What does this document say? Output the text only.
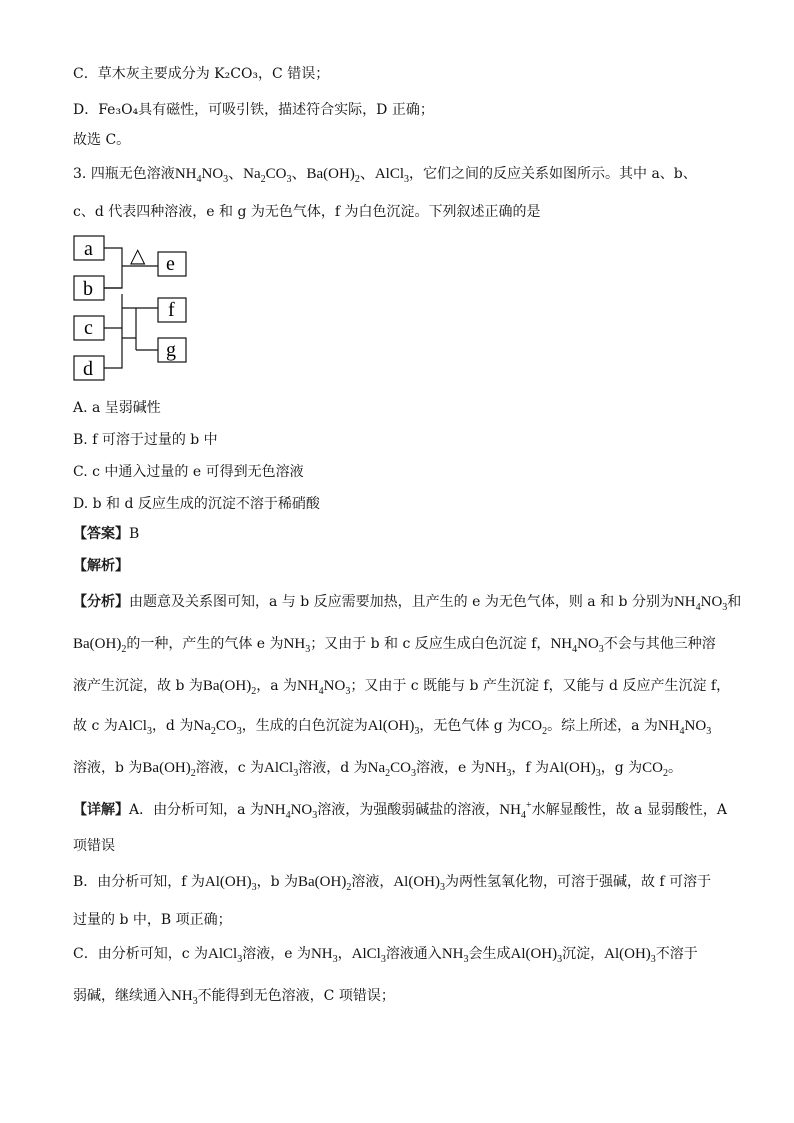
C．草木灰主要成分为 K₂CO₃，C 错误；
D．Fe₃O₄具有磁性，可吸引铁，描述符合实际，D 正确；
故选 C。
3. 四瓶无色溶液$NH_4NO_3$、$Na_2CO_3$、$Ba(OH)_2$、AlCl$_3$，它们之间的反应关系如图所示。其中 a、b、
c、d 代表四种溶液，e 和 g 为无色气体，f 为白色沉淀。下列叙述正确的是
a
b
c
d
e
f
g
△
A. a 呈弱碱性
B. f 可溶于过量的 b 中
C. c 中通入过量的 e 可得到无色溶液
D. b 和 d 反应生成的沉淀不溶于稀硝酸
【答案】B
【解析】
【分析】由题意及关系图可知，a 与 b 反应需要加热，且产生的 e 为无色气体，则 a 和 b 分别为$NH_4NO_3$和
$Ba(OH)_2$的一种，产生的气体 e 为$NH_3$；又由于 b 和 c 反应生成白色沉淀 f，$NH_4NO_3$不会与其他三种溶
液产生沉淀，故 b 为$Ba(OH)_2$，a 为$NH_4NO_3$；又由于 c 既能与 b 产生沉淀 f，又能与 d 反应产生沉淀 f，
故 c 为AlCl$_3$，d 为$Na_2CO_3$，生成的白色沉淀为$Al(OH)_3$，无色气体 g 为$CO_2$。综上所述，a 为$NH_4NO_3$
溶液，b 为$Ba(OH)_2$溶液，c 为AlCl$_3$溶液，d 为$Na_2CO_3$溶液，e 为$NH_3$，f 为$Al(OH)_3$，g 为$CO_2$。
【详解】A．由分析可知，a 为$NH_4NO_3$溶液，为强酸弱碱盐的溶液，$NH_4^+$水解显酸性，故 a 显弱酸性，A
项错误
B．由分析可知，f 为$Al(OH)_3$，b 为$Ba(OH)_2$溶液，$Al(OH)_3$为两性氢氧化物，可溶于强碱，故 f 可溶于
过量的 b 中，B 项正确；
C．由分析可知，c 为AlCl$_3$溶液，e 为$NH_3$，AlCl$_3$溶液通入$NH_3$会生成$Al(OH)_3$沉淀，$Al(OH)_3$不溶于
弱碱，继续通入$NH_3$不能得到无色溶液，C 项错误；
